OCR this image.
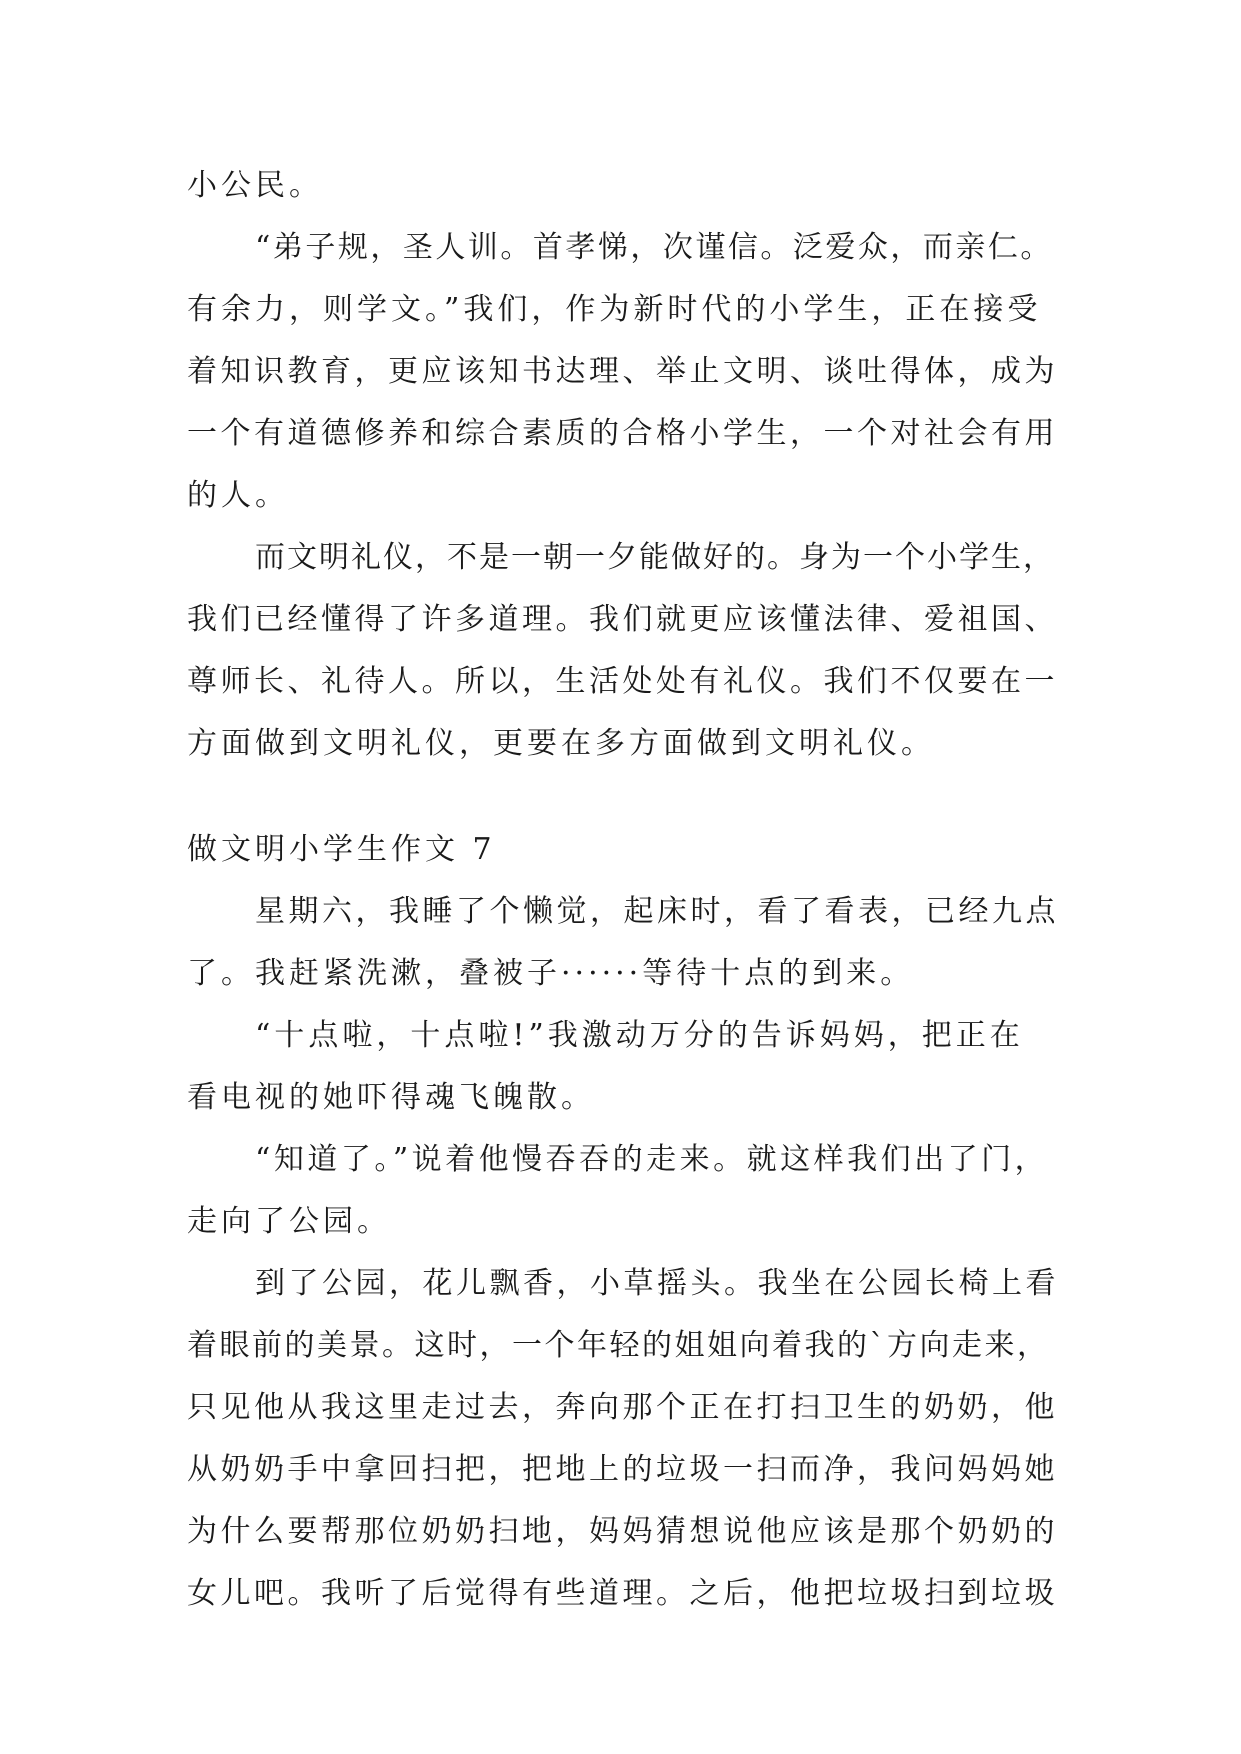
小公民。
“弟子规，圣人训。首孝悌，次谨信。泛爱众，而亲仁。
有余力，则学文。”我们，作为新时代的小学生，正在接受
着知识教育，更应该知书达理、举止文明、谈吐得体，成为
一个有道德修养和综合素质的合格小学生，一个对社会有用
的人。
而文明礼仪，不是一朝一夕能做好的。身为一个小学生，
我们已经懂得了许多道理。我们就更应该懂法律、爱祖国、
尊师长、礼待人。所以，生活处处有礼仪。我们不仅要在一
方面做到文明礼仪，更要在多方面做到文明礼仪。
做文明小学生作文 7
星期六，我睡了个懒觉，起床时，看了看表，已经九点
了。我赶紧洗漱，叠被子······等待十点的到来。
“十点啦，十点啦!”我激动万分的告诉妈妈，把正在
看电视的她吓得魂飞魄散。
“知道了。”说着他慢吞吞的走来。就这样我们出了门，
走向了公园。
到了公园，花儿飘香，小草摇头。我坐在公园长椅上看
着眼前的美景。这时，一个年轻的姐姐向着我的`方向走来，
只见他从我这里走过去，奔向那个正在打扫卫生的奶奶，他
从奶奶手中拿回扫把，把地上的垃圾一扫而净，我问妈妈她
为什么要帮那位奶奶扫地，妈妈猜想说他应该是那个奶奶的
女儿吧。我听了后觉得有些道理。之后，他把垃圾扫到垃圾
